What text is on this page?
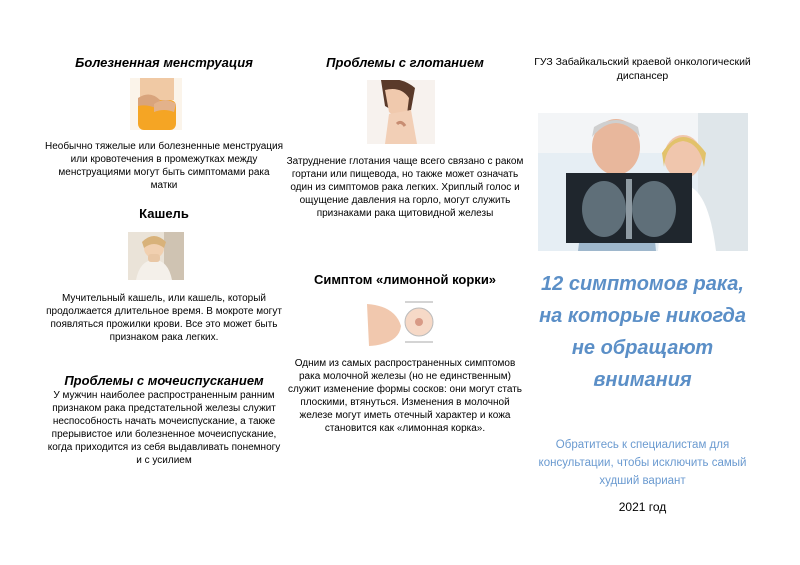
Болезненная менструация
Необычно тяжелые или болезненные менструация или кровотечения в промежутках между менструациями могут быть симптомами рака матки
Кашель
Мучительный кашель, или кашель, который продолжается длительное время. В мокроте могут появляться прожилки крови. Все это может быть признаком рака легких.
Проблемы с мочеиспусканием
У мужчин наиболее распространенным ранним признаком рака предстательной железы служит неспособность начать мочеиспускание, а также прерывистое или болезненное мочеиспускание, когда приходится из себя выдавливать понемногу и с усилием
Проблемы с глотанием
Затруднение глотания чаще всего связано с раком гортани или пищевода, но также может означать один из симптомов рака легких. Хриплый голос и ощущение давления на горло, могут служить признаками рака щитовидной железы
Симптом «лимонной корки»
Одним из самых распространенных симптомов рака молочной железы (но не единственным) служит изменение формы сосков: они могут стать плоскими, втянуться. Изменения в молочной железе могут иметь отечный характер и кожа становится как «лимонная корка».
ГУЗ Забайкальский краевой онкологический диспансер
12 симптомов рака, на которые никогда не обращают внимания
Обратитесь к специалистам для консультации, чтобы исключить самый худший вариант
2021 год
